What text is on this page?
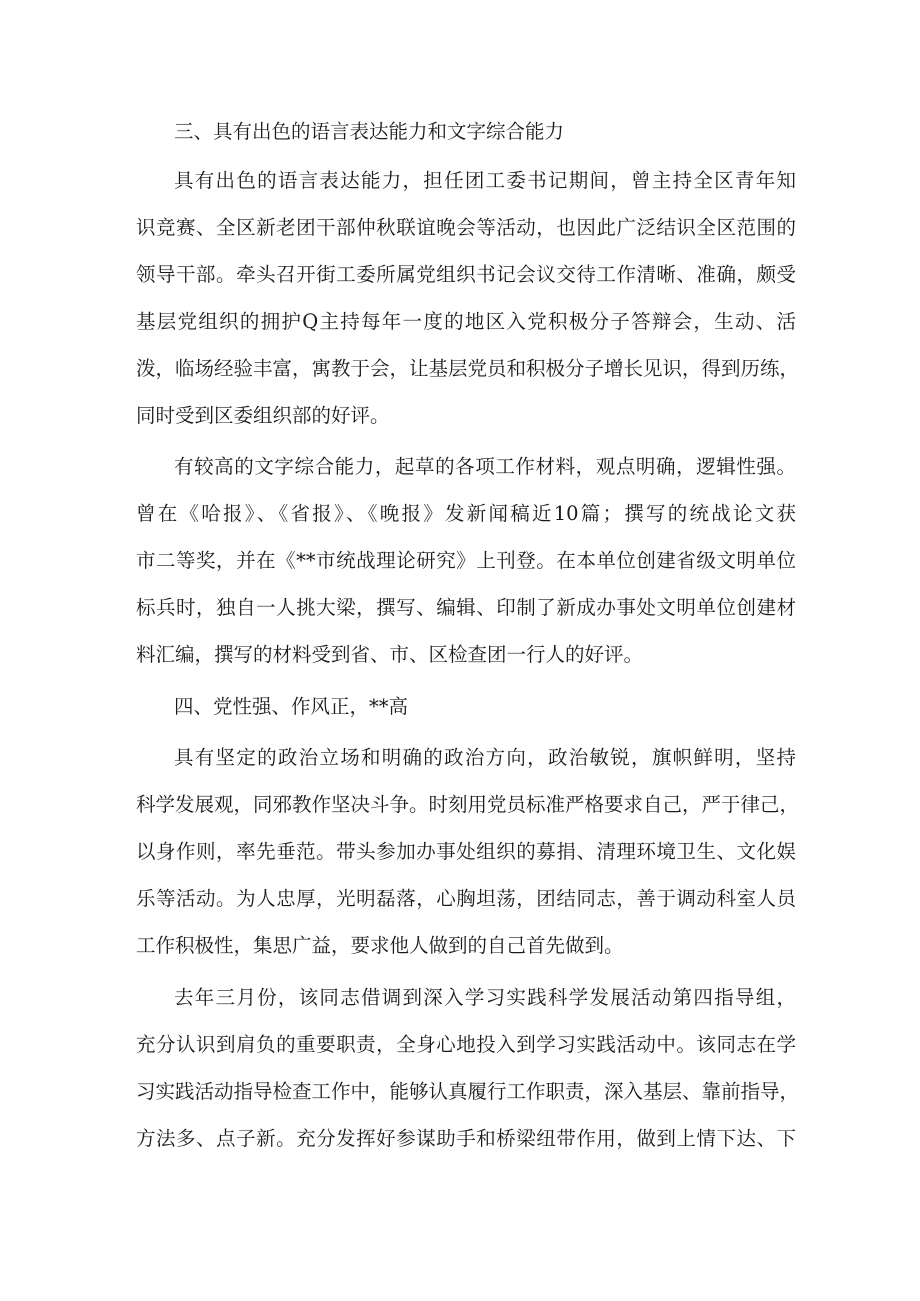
三、具有出色的语言表达能力和文字综合能力

具有出色的语言表达能力，担任团工委书记期间，曾主持全区青年知

识竞赛、全区新老团干部仲秋联谊晚会等活动，也因此广泛结识全区范围的

领导干部。牵头召开街工委所属党组织书记会议交待工作清晰、准确，颇受

基层党组织的拥护Q主持每年一度的地区入党积极分子答辩会，生动、活

泼，临场经验丰富，寓教于会，让基层党员和积极分子增长见识，得到历练，

同时受到区委组织部的好评。

有较高的文字综合能力，起草的各项工作材料，观点明确，逻辑性强。

曾在《哈报》、《省报》、《晚报》发新闻稿近10篇；撰写的统战论文获

市二等奖，并在《**市统战理论研究》上刊登。在本单位创建省级文明单位

标兵时，独自一人挑大梁，撰写、编辑、印制了新成办事处文明单位创建材

料汇编，撰写的材料受到省、市、区检查团一行人的好评。

四、党性强、作风正，**高

具有坚定的政治立场和明确的政治方向，政治敏锐，旗帜鲜明，坚持

科学发展观，同邪教作坚决斗争。时刻用党员标准严格要求自己，严于律己，

以身作则，率先垂范。带头参加办事处组织的募捐、清理环境卫生、文化娱

乐等活动。为人忠厚，光明磊落，心胸坦荡，团结同志，善于调动科室人员

工作积极性，集思广益，要求他人做到的自己首先做到。

去年三月份，该同志借调到深入学习实践科学发展活动第四指导组，

充分认识到肩负的重要职责，全身心地投入到学习实践活动中。该同志在学

习实践活动指导检查工作中，能够认真履行工作职责，深入基层、靠前指导，

方法多、点子新。充分发挥好参谋助手和桥梁纽带作用，做到上情下达、下
